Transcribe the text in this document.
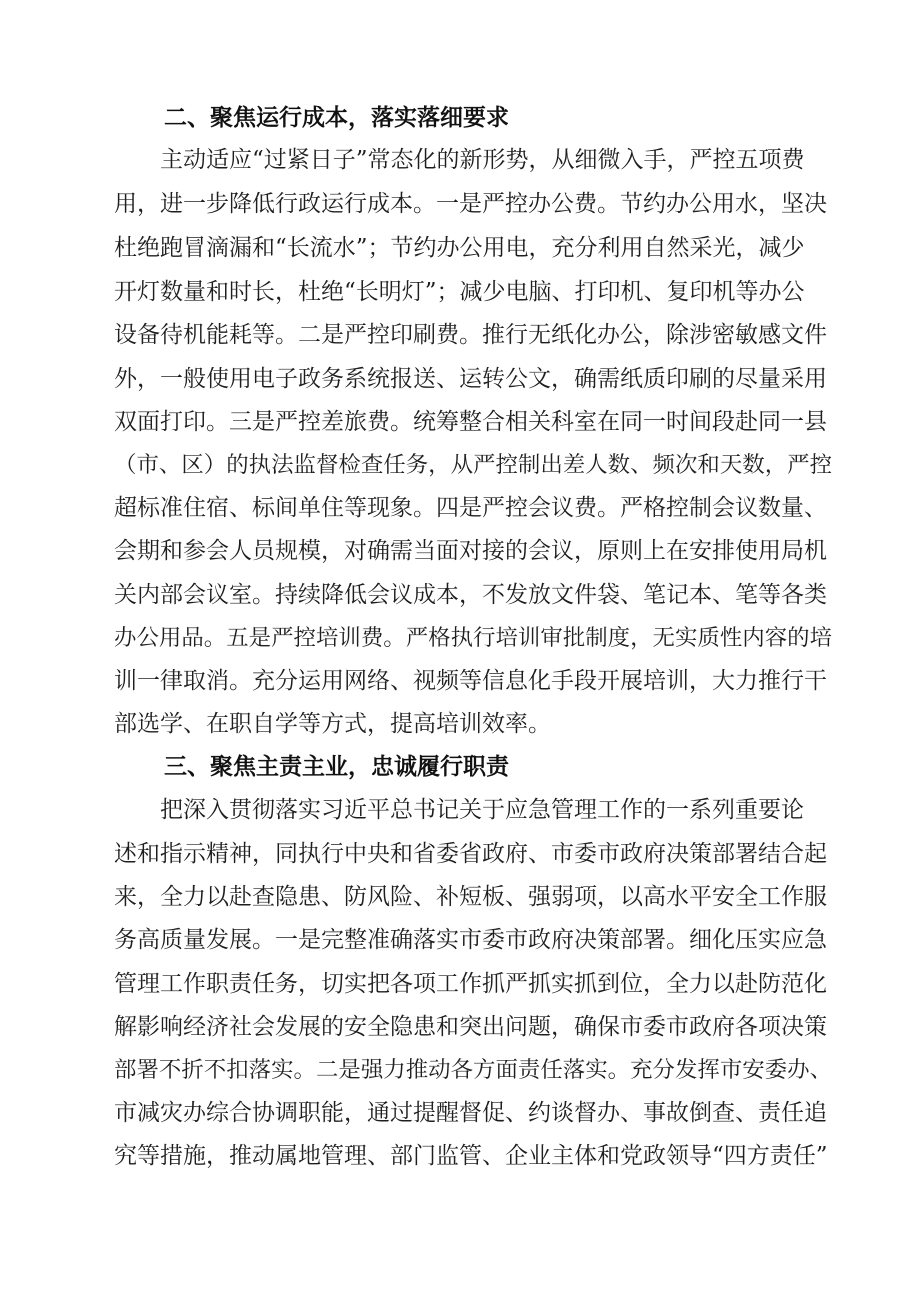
二、聚焦运行成本，落实落细要求
主动适应“过紧日子”常态化的新形势，从细微入手，严控五项费
用，进一步降低行政运行成本。一是严控办公费。节约办公用水，坚决
杜绝跑冒滴漏和“长流水”；节约办公用电，充分利用自然采光，减少
开灯数量和时长，杜绝“长明灯”；减少电脑、打印机、复印机等办公
设备待机能耗等。二是严控印刷费。推行无纸化办公，除涉密敏感文件
外，一般使用电子政务系统报送、运转公文，确需纸质印刷的尽量采用
双面打印。三是严控差旅费。统筹整合相关科室在同一时间段赴同一县
（市、区）的执法监督检查任务，从严控制出差人数、频次和天数，严控
超标准住宿、标间单住等现象。四是严控会议费。严格控制会议数量、
会期和参会人员规模，对确需当面对接的会议，原则上在安排使用局机
关内部会议室。持续降低会议成本，不发放文件袋、笔记本、笔等各类
办公用品。五是严控培训费。严格执行培训审批制度，无实质性内容的培
训一律取消。充分运用网络、视频等信息化手段开展培训，大力推行干
部选学、在职自学等方式，提高培训效率。
三、聚焦主责主业，忠诚履行职责
把深入贯彻落实习近平总书记关于应急管理工作的一系列重要论
述和指示精神，同执行中央和省委省政府、市委市政府决策部署结合起
来，全力以赴查隐患、防风险、补短板、强弱项，以高水平安全工作服
务高质量发展。一是完整准确落实市委市政府决策部署。细化压实应急
管理工作职责任务，切实把各项工作抓严抓实抓到位，全力以赴防范化
解影响经济社会发展的安全隐患和突出问题，确保市委市政府各项决策
部署不折不扣落实。二是强力推动各方面责任落实。充分发挥市安委办、
市减灾办综合协调职能，通过提醒督促、约谈督办、事故倒查、责任追
究等措施，推动属地管理、部门监管、企业主体和党政领导“四方责任”
